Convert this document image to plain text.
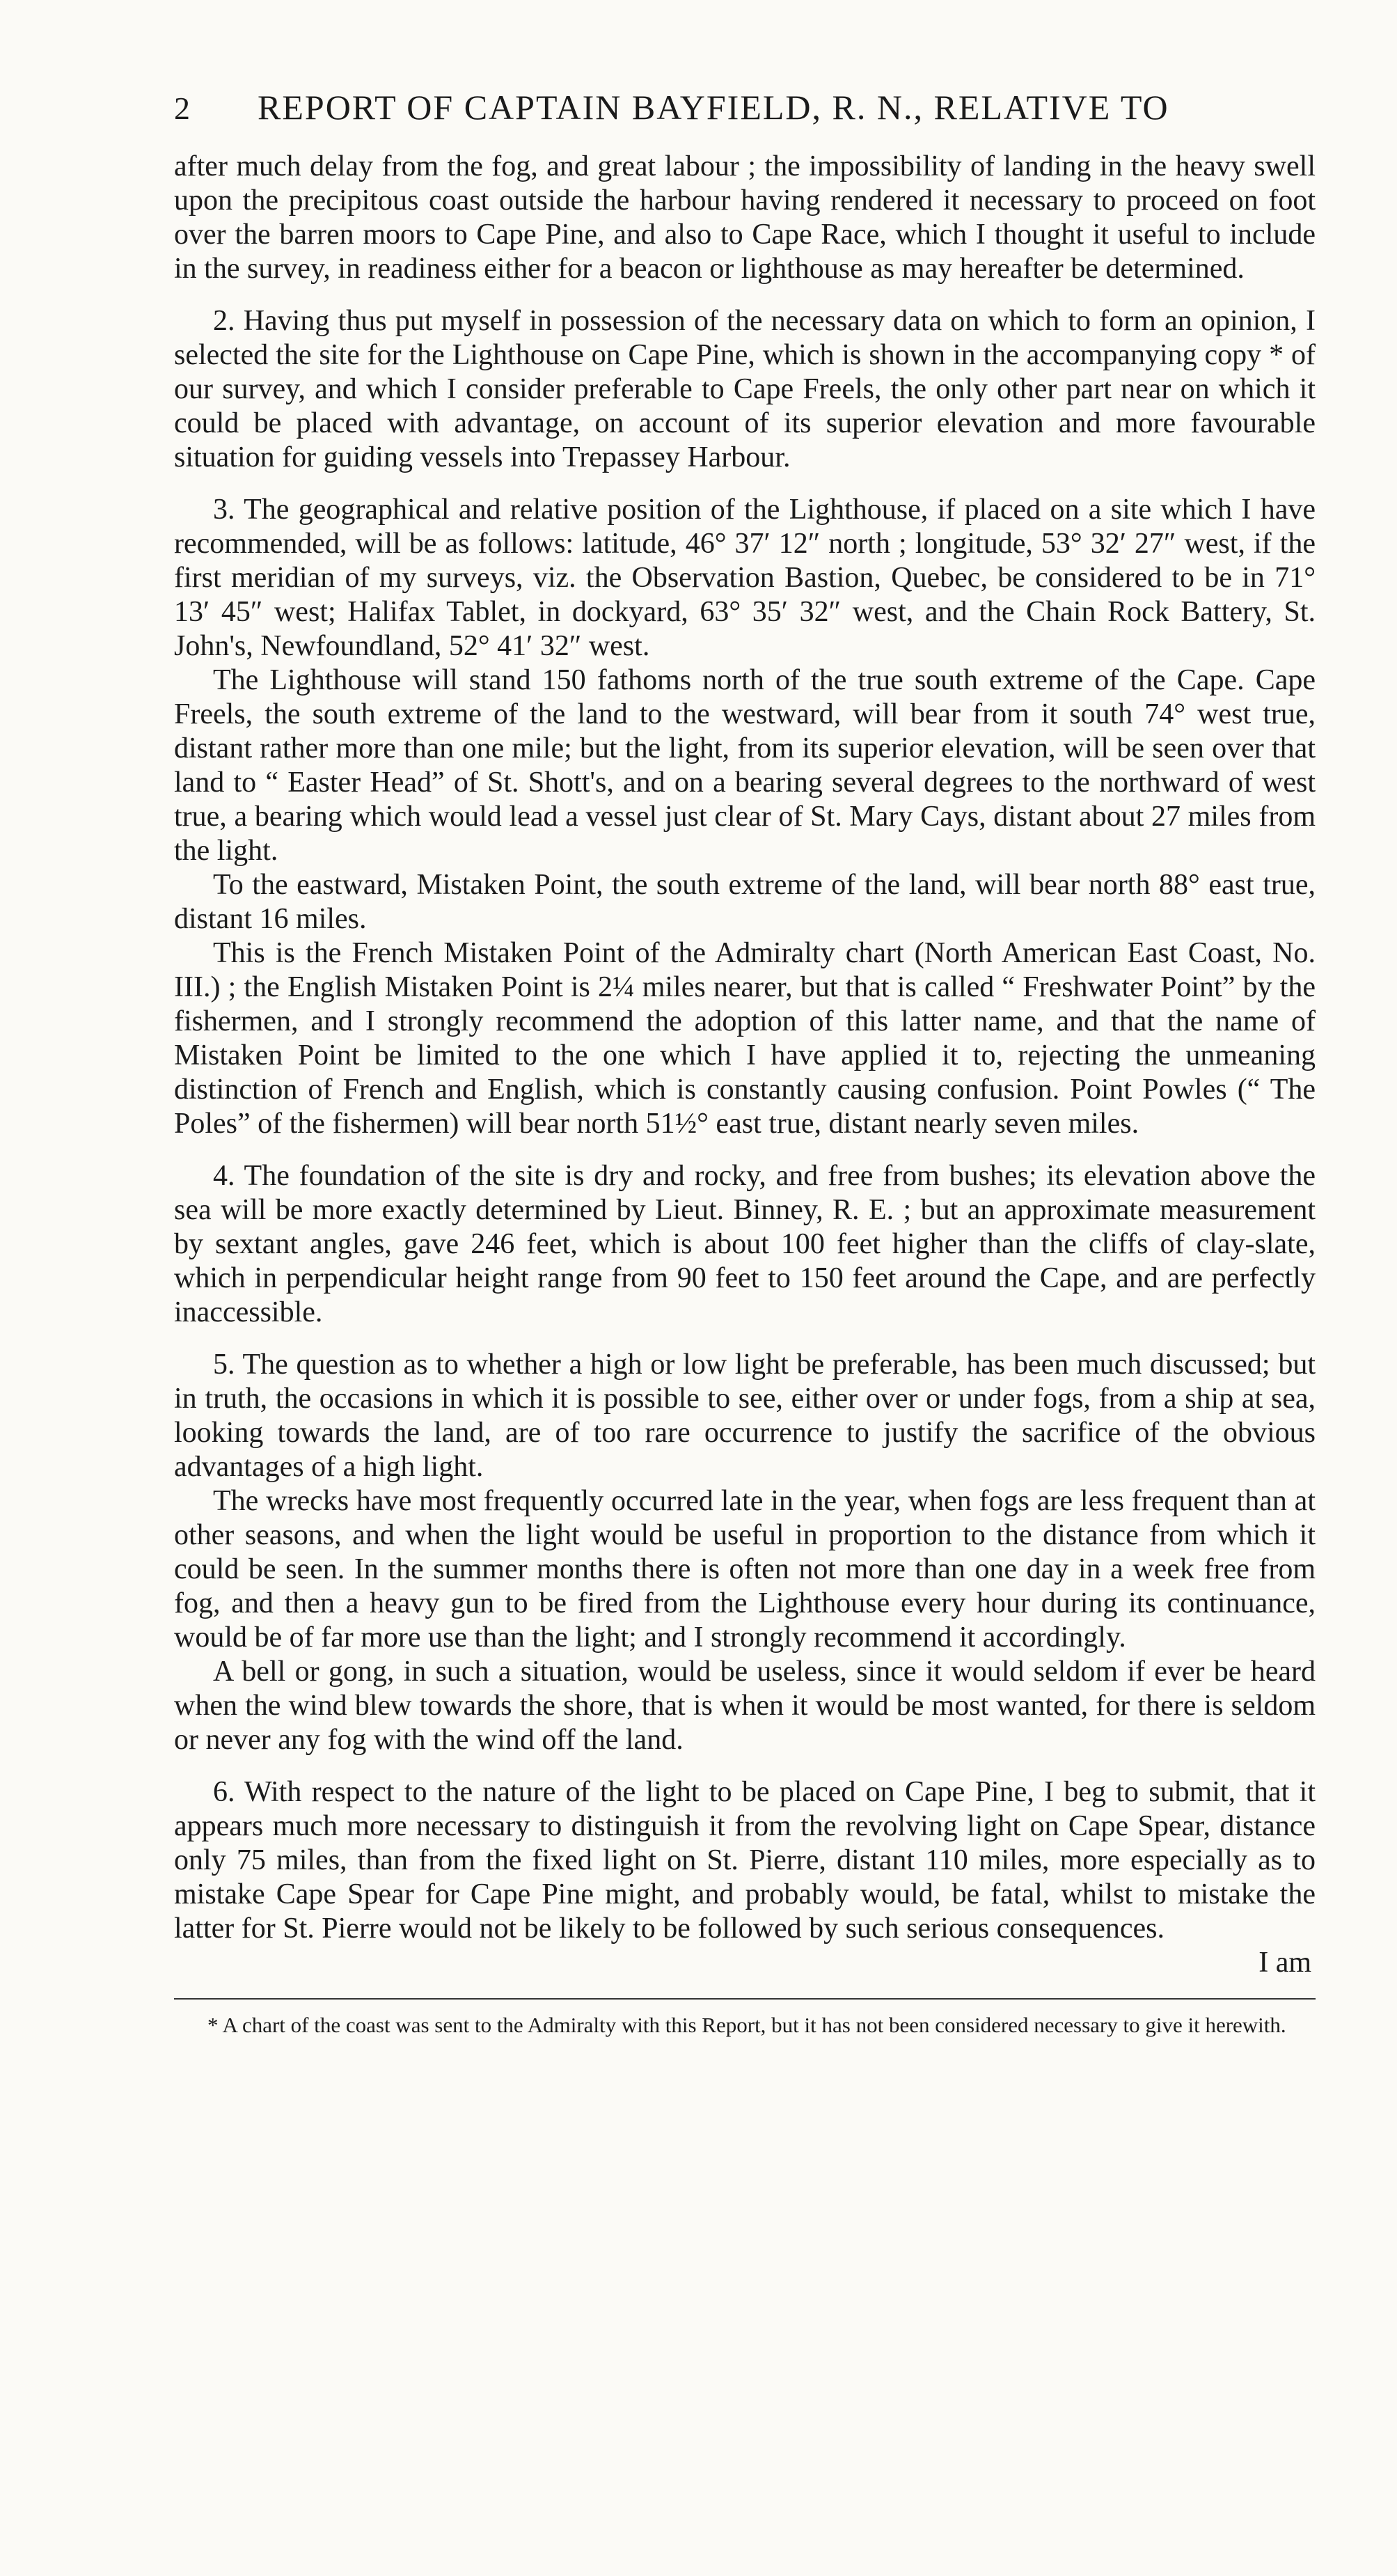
2 REPORT OF CAPTAIN BAYFIELD, R. N., RELATIVE TO

after much delay from the fog, and great labour ; the impossibility of landing in the heavy swell upon the precipitous coast outside the harbour having rendered it necessary to proceed on foot over the barren moors to Cape Pine, and also to Cape Race, which I thought it useful to include in the survey, in readiness either for a beacon or lighthouse as may hereafter be determined.

2. Having thus put myself in possession of the necessary data on which to form an opinion, I selected the site for the Lighthouse on Cape Pine, which is shown in the accompanying copy * of our survey, and which I consider preferable to Cape Freels, the only other part near on which it could be placed with advantage, on account of its superior elevation and more favourable situation for guiding vessels into Trepassey Harbour.

3. The geographical and relative position of the Lighthouse, if placed on a site which I have recommended, will be as follows: latitude, 46° 37′ 12″ north ; longitude, 53° 32′ 27″ west, if the first meridian of my surveys, viz. the Observation Bastion, Quebec, be considered to be in 71° 13′ 45″ west; Halifax Tablet, in dockyard, 63° 35′ 32″ west, and the Chain Rock Battery, St. John's, Newfoundland, 52° 41′ 32″ west.

The Lighthouse will stand 150 fathoms north of the true south extreme of the Cape. Cape Freels, the south extreme of the land to the westward, will bear from it south 74° west true, distant rather more than one mile; but the light, from its superior elevation, will be seen over that land to “ Easter Head” of St. Shott's, and on a bearing several degrees to the northward of west true, a bearing which would lead a vessel just clear of St. Mary Cays, distant about 27 miles from the light.

To the eastward, Mistaken Point, the south extreme of the land, will bear north 88° east true, distant 16 miles.

This is the French Mistaken Point of the Admiralty chart (North American East Coast, No. III.) ; the English Mistaken Point is 2¼ miles nearer, but that is called “ Freshwater Point” by the fishermen, and I strongly recommend the adoption of this latter name, and that the name of Mistaken Point be limited to the one which I have applied it to, rejecting the unmeaning distinction of French and English, which is constantly causing confusion. Point Powles (“ The Poles” of the fishermen) will bear north 51½° east true, distant nearly seven miles.

4. The foundation of the site is dry and rocky, and free from bushes; its elevation above the sea will be more exactly determined by Lieut. Binney, R. E. ; but an approximate measurement by sextant angles, gave 246 feet, which is about 100 feet higher than the cliffs of clay-slate, which in perpendicular height range from 90 feet to 150 feet around the Cape, and are perfectly inaccessible.

5. The question as to whether a high or low light be preferable, has been much discussed; but in truth, the occasions in which it is possible to see, either over or under fogs, from a ship at sea, looking towards the land, are of too rare occurrence to justify the sacrifice of the obvious advantages of a high light.

The wrecks have most frequently occurred late in the year, when fogs are less frequent than at other seasons, and when the light would be useful in proportion to the distance from which it could be seen. In the summer months there is often not more than one day in a week free from fog, and then a heavy gun to be fired from the Lighthouse every hour during its continuance, would be of far more use than the light; and I strongly recommend it accordingly.

A bell or gong, in such a situation, would be useless, since it would seldom if ever be heard when the wind blew towards the shore, that is when it would be most wanted, for there is seldom or never any fog with the wind off the land.

6. With respect to the nature of the light to be placed on Cape Pine, I beg to submit, that it appears much more necessary to distinguish it from the revolving light on Cape Spear, distance only 75 miles, than from the fixed light on St. Pierre, distant 110 miles, more especially as to mistake Cape Spear for Cape Pine might, and probably would, be fatal, whilst to mistake the latter for St. Pierre would not be likely to be followed by such serious consequences.

I am

* A chart of the coast was sent to the Admiralty with this Report, but it has not been considered necessary to give it herewith.
